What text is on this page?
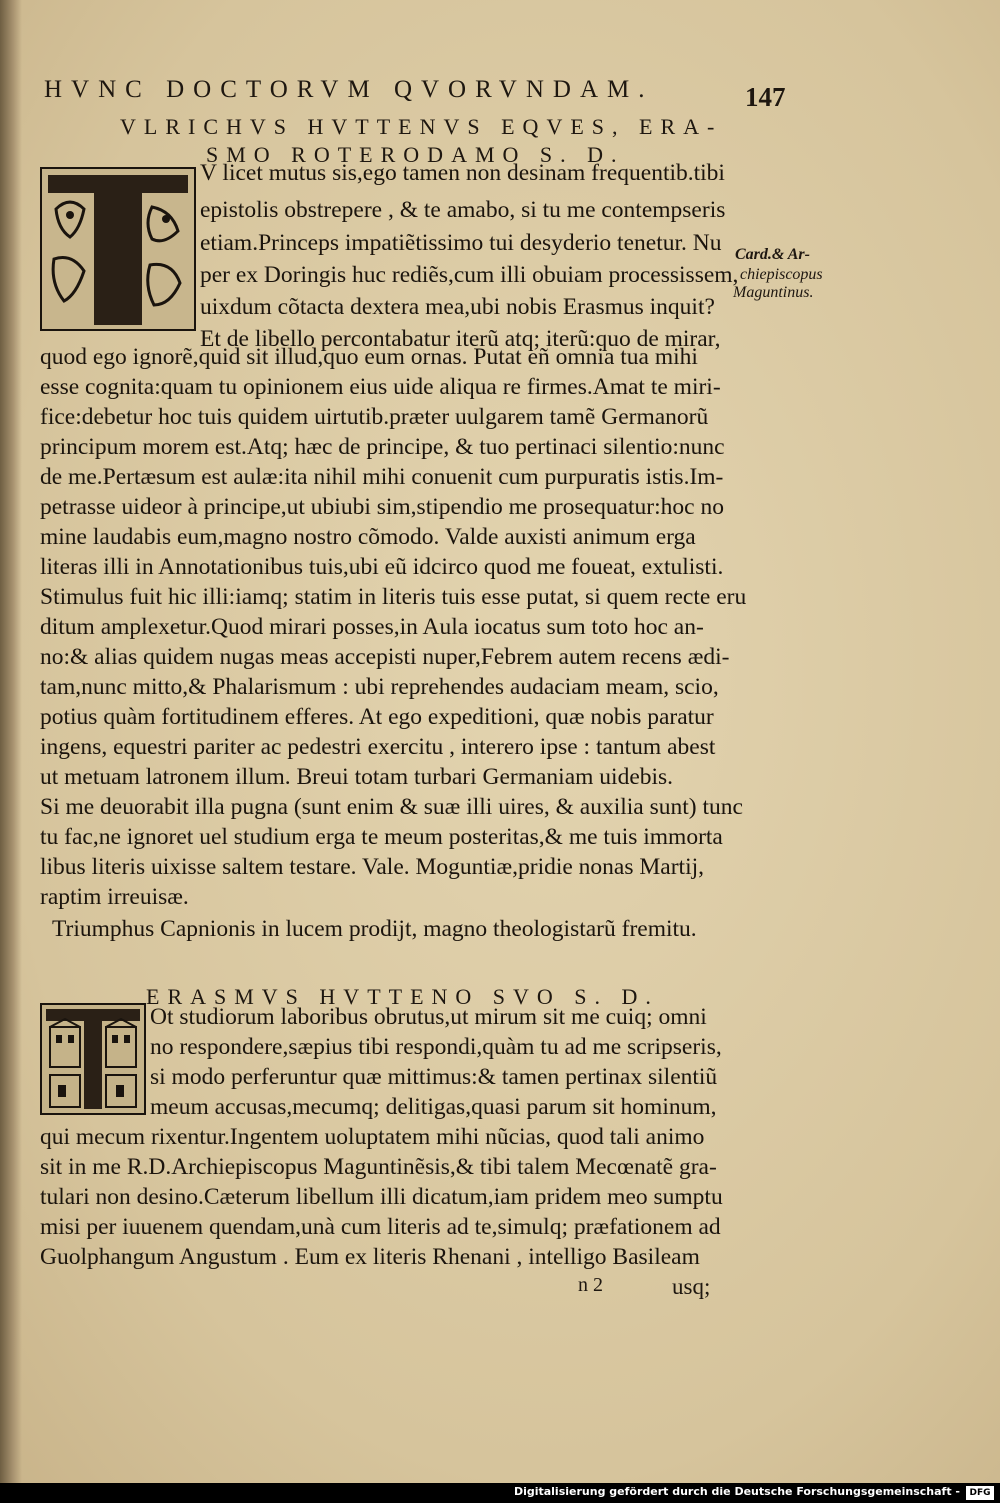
HVNC DOCTORVM QVORVNDAM.	147
VLRICHVS HVTTENVS EQVES, ERA-
SMO ROTERODAMO S. D.
V licet mutus sis,ego tamen non desinam frequentib.tibi
epistolis obstrepere , & te amabo, si tu me contempseris
etiam.Princeps impatiẽtissimo tui desyderio tenetur. Nu
per ex Doringis huc rediẽs,cum illi obuiam processissem,
uixdum cõtacta dextera mea,ubi nobis Erasmus inquit?
Et de libello percontabatur iterũ atq; iterũ:quo de mirar,
quod ego ignorẽ,quid sit illud,quo eum ornas. Putat eñ omnia tua mihi
esse cognita:quam tu opinionem eius uide aliqua re firmes.Amat te miri-
fice:debetur hoc tuis quidem uirtutib.præter uulgarem tamẽ Germanorũ
principum morem est.Atq; hæc de principe, & tuo pertinaci silentio:nunc
de me.Pertæsum est aulæ:ita nihil mihi conuenit cum purpuratis istis.Im-
petrasse uideor à principe,ut ubiubi sim,stipendio me prosequatur:hoc no
mine laudabis eum,magno nostro cõmodo. Valde auxisti animum erga
literas illi in Annotationibus tuis,ubi eũ idcirco quod me foueat, extulisti.
Stimulus fuit hic illi:iamq; statim in literis tuis esse putat, si quem recte eru
ditum amplexetur.Quod mirari posses,in Aula iocatus sum toto hoc an-
no:& alias quidem nugas meas accepisti nuper,Febrem autem recens ædi-
tam,nunc mitto,& Phalarismum : ubi reprehendes audaciam meam, scio,
potius quàm fortitudinem efferes. At ego expeditioni, quæ nobis paratur
ingens, equestri pariter ac pedestri exercitu , interero ipse : tantum abest
ut metuam latronem illum. Breui totam turbari Germaniam uidebis.
Si me deuorabit illa pugna (sunt enim & suæ illi uires, & auxilia sunt) tunc
tu fac,ne ignoret uel studium erga te meum posteritas,& me tuis immorta
libus literis uixisse saltem testare. Vale. Moguntiæ,pridie nonas Martij,
raptim irreuisæ.
Triumphus Capnionis in lucem prodijt, magno theologistarũ fremitu.
Card.& Ar-
chiepiscopus
Maguntinus.
ERASMVS HVTTENO SVO S. D.
Ot studiorum laboribus obrutus,ut mirum sit me cuiq; omni
no respondere,sæpius tibi respondi,quàm tu ad me scripseris,
si modo perferuntur quæ mittimus:& tamen pertinax silentiũ
meum accusas,mecumq; delitigas,quasi parum sit hominum,
qui mecum rixentur.Ingentem uoluptatem mihi nũcias, quod tali animo
sit in me R.D.Archiepiscopus Maguntinẽsis,& tibi talem Mecœnatẽ gra-
tulari non desino.Cæterum libellum illi dicatum,iam pridem meo sumptu
misi per iuuenem quendam,unà cum literis ad te,simulq; præfationem ad
Guolphangum Angustum . Eum ex literis Rhenani , intelligo Basileam
n 2	usq;
Digitalisierung gefördert durch die Deutsche Forschungsgemeinschaft -	DFG
